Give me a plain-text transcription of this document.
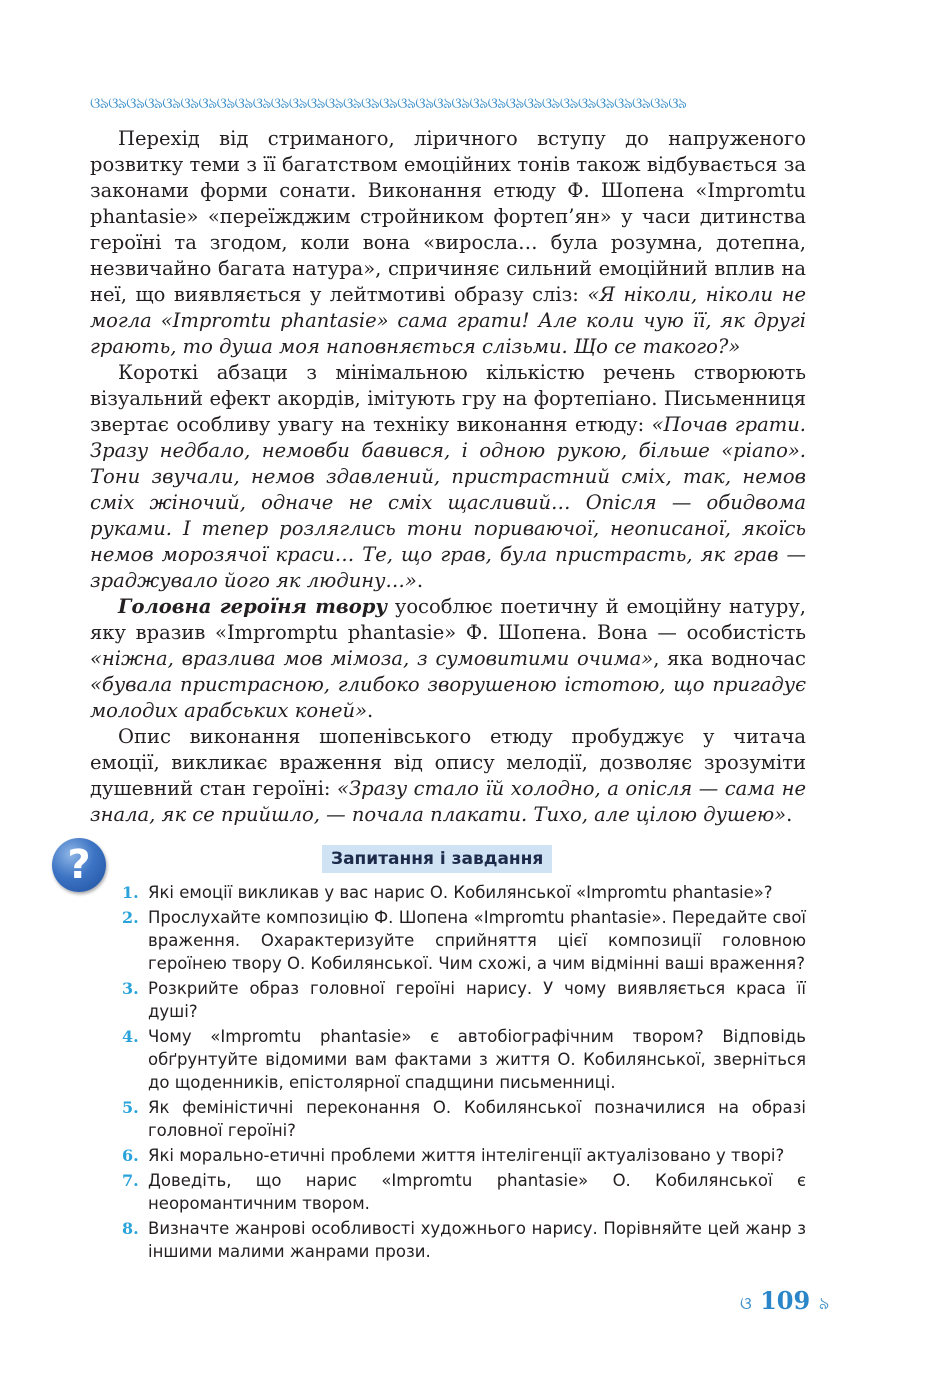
ଓ৯ଓ৯ଓ৯ଓ৯ଓ৯ଓ৯ଓ৯ଓ৯ଓ৯ଓ৯ଓ৯ଓ৯ଓ৯ଓ৯ଓ৯ଓ৯ଓ৯ଓ৯ଓ৯ଓ৯ଓ৯ଓ৯ଓ৯ଓ৯ଓ৯ଓ৯ଓ৯ଓ৯ଓ৯ଓ৯ଓ৯ଓ৯ଓ৯

Перехід від стриманого, ліричного вступу до напруженого розвитку теми з її багатством емоційних тонів також відбувається за законами форми сонати. Виконання етюду Ф. Шопена «Impromtu phantasie» «переїжджим стройником фортеп’ян» у часи дитинства героїні та згодом, коли вона «виросла… була розумна, дотепна, незвичайно багата натура», спричиняє сильний емоційний вплив на неї, що виявляється у лейтмотиві образу сліз: «Я ніколи, ніколи не могла «Impromtu phantasie» сама грати! Але коли чую її, як другі грають, то душа моя наповняється слізьми. Що се такого?»

Короткі абзаци з мінімальною кількістю речень створюють візуальний ефект акордів, імітують гру на фортепіано. Письменниця звертає особливу увагу на техніку виконання етюду: «Почав грати. Зразу недбало, немовби бавився, і одною рукою, більше «piano». Тони звучали, немов здавлений, пристрастний сміх, так, немов сміх жіночий, одначе не сміх щасливий… Опісля — обидвома руками. І тепер розляглись тони пориваючої, неописаної, якоїсь немов морозячої краси… Те, що грав, була пристрасть, як грав — зраджувало його як людину…».

Головна героїня твору уособлює поетичну й емоційну натуру, яку вразив «Impromptu phantasie» Ф. Шопена. Вона — особистість «ніжна, вразлива мов мімоза, з сумовитими очима», яка водночас «бувала пристрасною, глибоко зворушеною істотою, що пригадує молодих арабських коней».

Опис виконання шопенівського етюду пробуджує у читача емоції, викликає враження від опису мелодії, дозволяє зрозуміти душевний стан героїні: «Зразу стало їй холодно, а опісля — сама не знала, як се прийшло, — почала плакати. Тихо, але цілою душею».

?	Запитання і завдання
1. Які емоції викликав у вас нарис О. Кобилянської «Impromtu phantasie»?
2. Прослухайте композицію Ф. Шопена «Impromtu phantasie». Передайте свої враження. Охарактеризуйте сприйняття цієї композиції головною героїнею твору О. Кобилянської. Чим схожі, а чим відмінні ваші враження?
3. Розкрийте образ головної героїні нарису. У чому виявляється краса її душі?
4. Чому «Impromtu phantasie» є автобіографічним твором? Відповідь обґрунтуйте відомими вам фактами з життя О. Кобилянської, зверніться до щоденників, епістолярної спадщини письменниці.
5. Як феміністичні переконання О. Кобилянської позначилися на образі головної героїні?
6. Які морально-етичні проблеми життя інтелігенції актуалізовано у творі?
7. Доведіть, що нарис «Impromtu phantasie» О. Кобилянської є неоромантичним твором.
8. Визначте жанрові особливості художнього нарису. Порівняйте цей жанр з іншими малими жанрами прози.
ଓ 109 ৯
